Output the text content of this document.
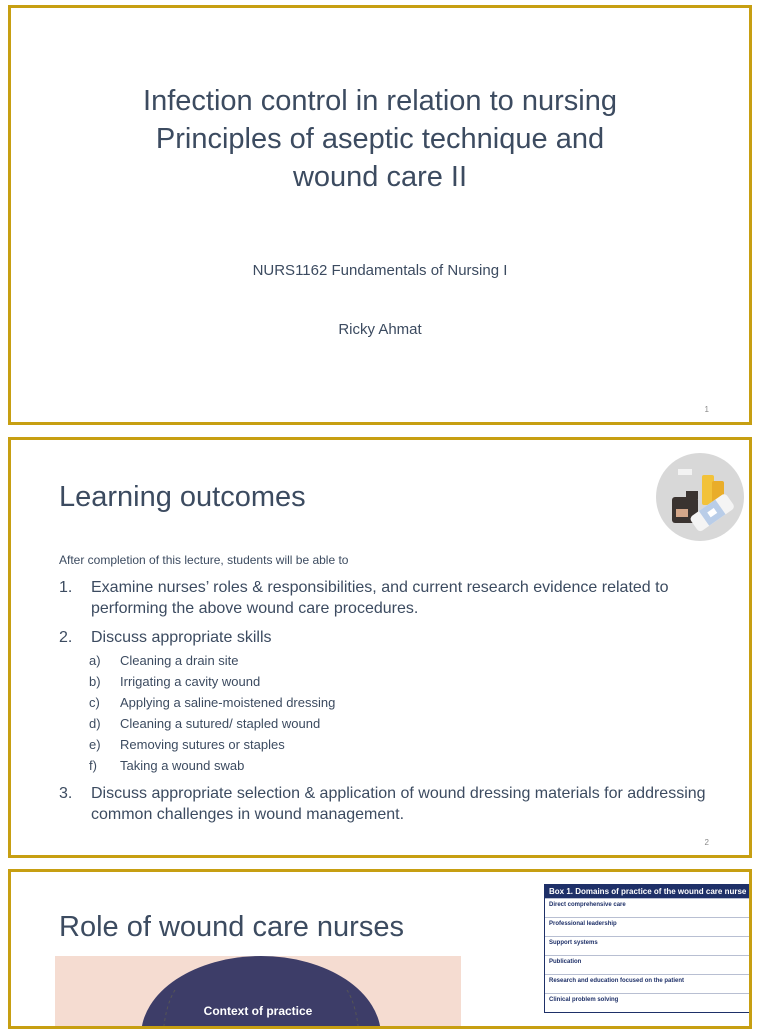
Infection control in relation to nursing
Principles of aseptic technique and
wound care II
NURS1162 Fundamentals of Nursing I
Ricky Ahmat
1
Learning outcomes
After completion of this lecture, students will be able to
1. Examine nurses’ roles & responsibilities, and current research evidence related to performing the above wound care procedures.
2. Discuss appropriate skills
a) Cleaning a drain site
b) Irrigating a cavity wound
c) Applying a saline-moistened dressing
d) Cleaning a sutured/ stapled wound
e) Removing sutures or staples
f) Taking a wound swab
3. Discuss appropriate selection & application of wound dressing materials for addressing common challenges in wound management.
2
Role of wound care nurses
Context of practice
Box 1. Domains of practice of the wound care nurse
Direct comprehensive care
Professional leadership
Support systems
Publication
Research and education focused on the patient
Clinical problem solving
